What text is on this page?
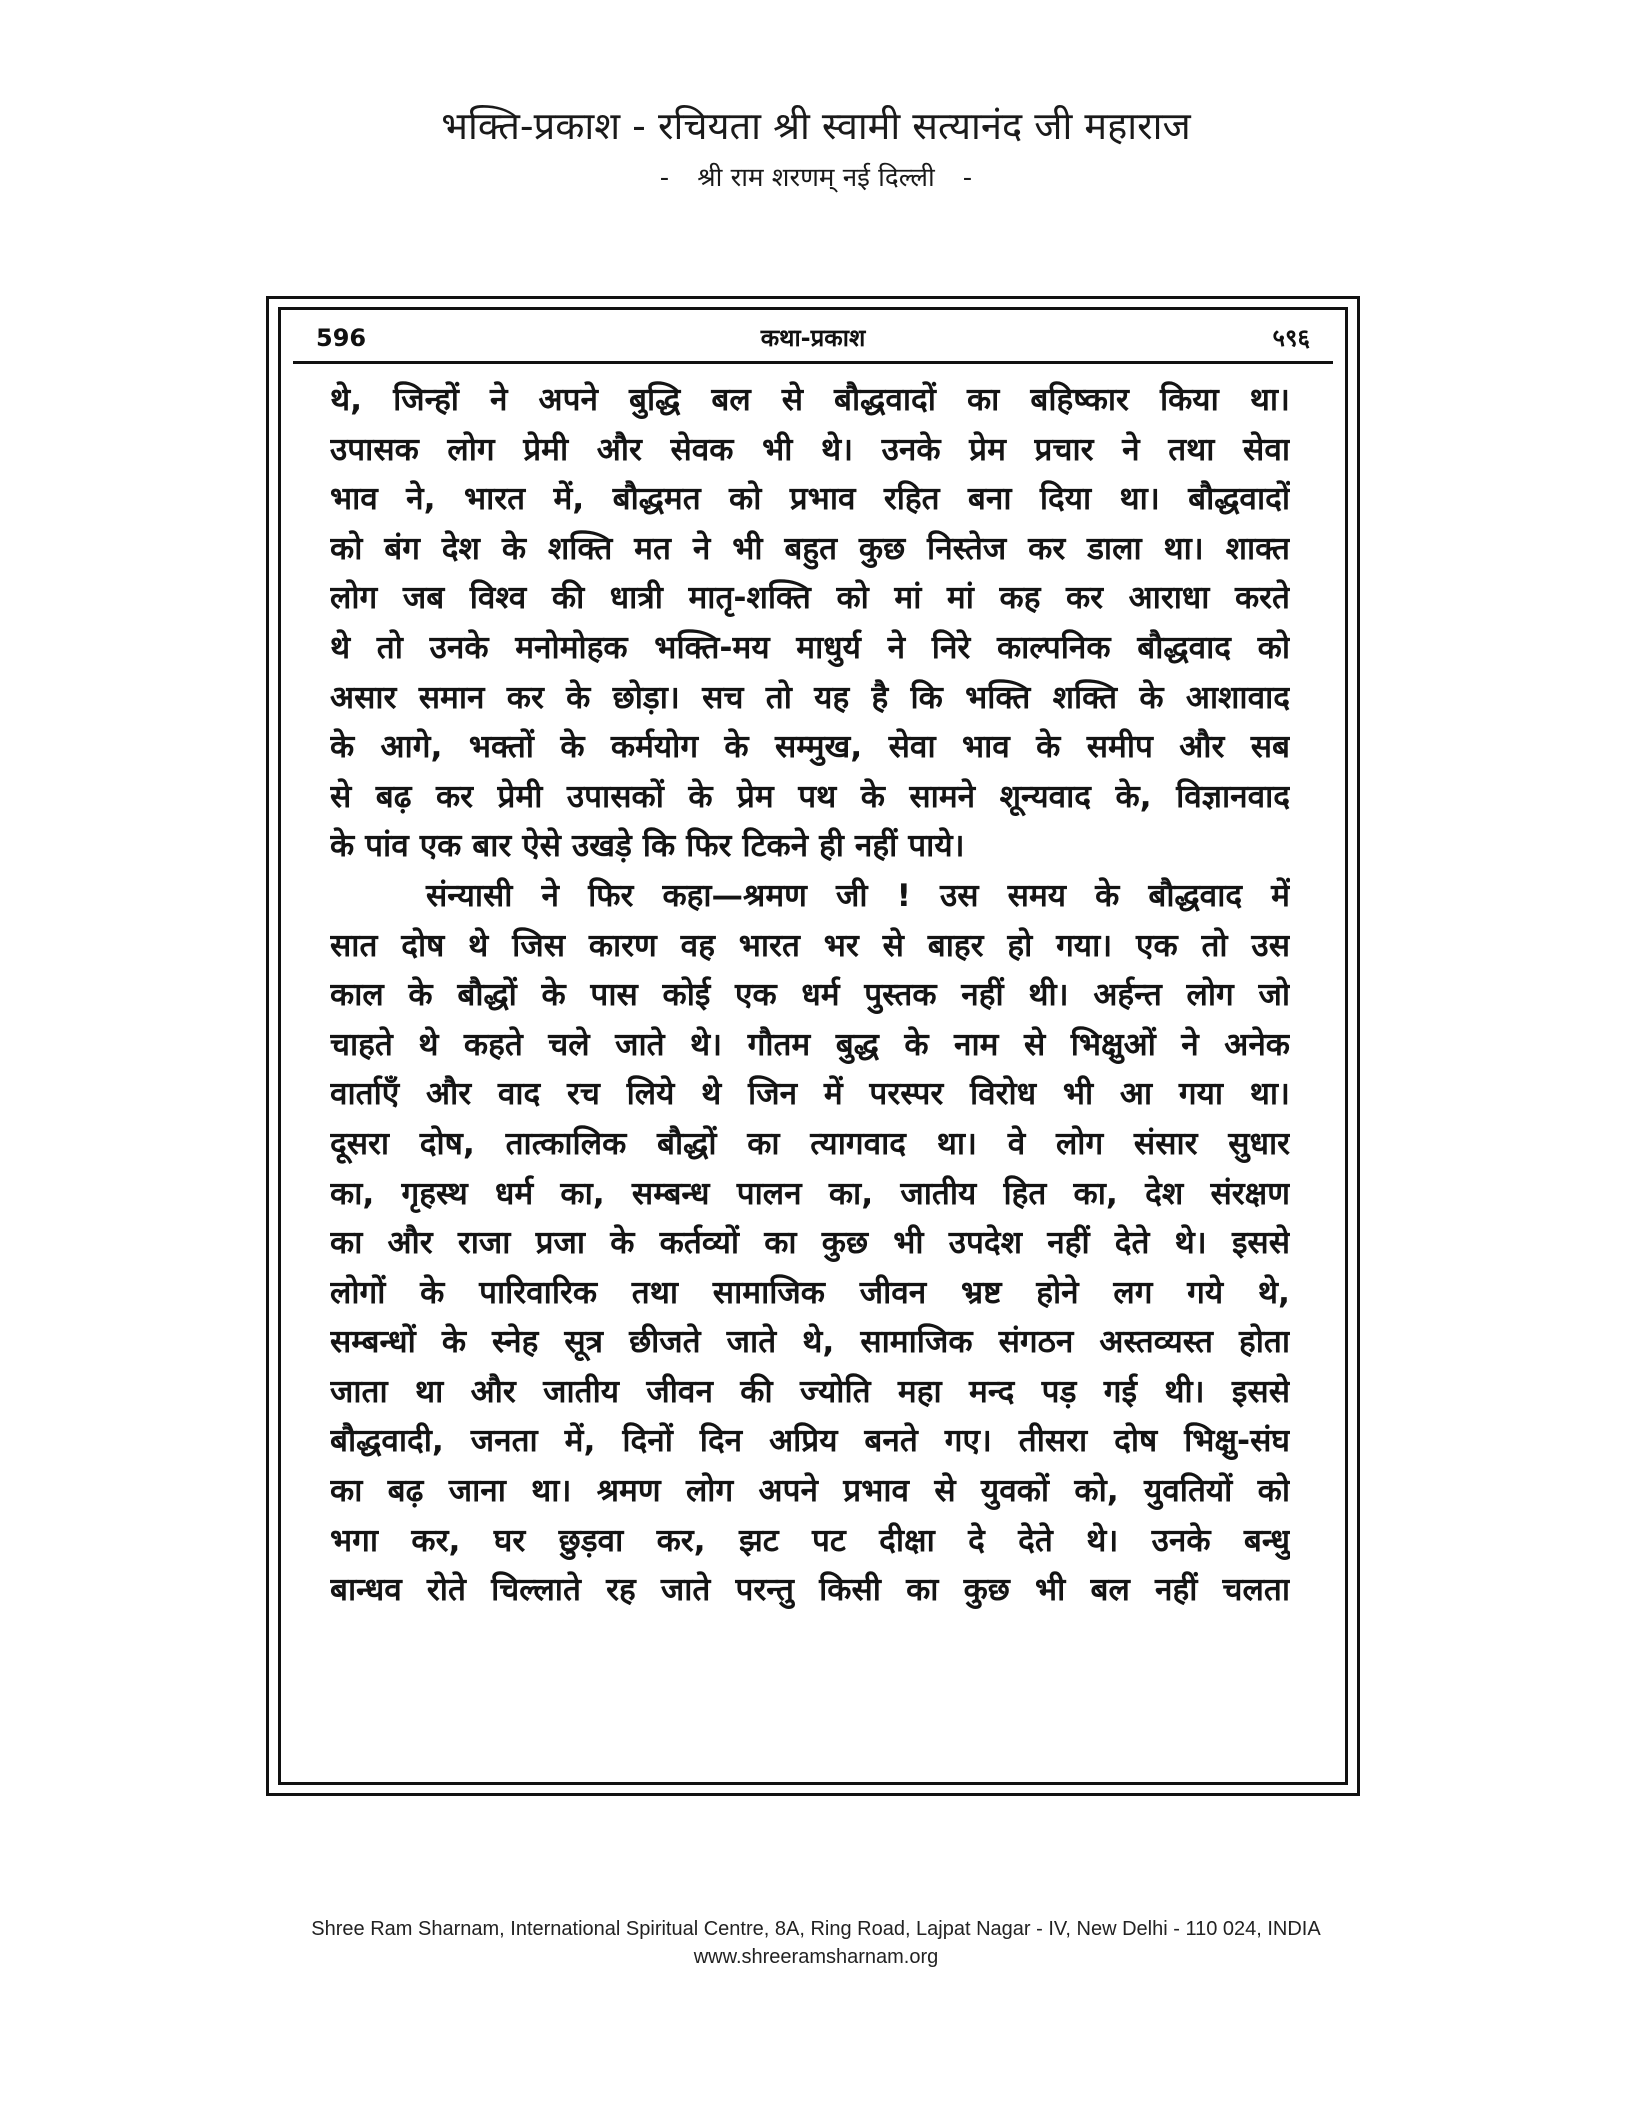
भक्ति-प्रकाश - रचियता श्री स्वामी सत्यानंद जी महाराज
- श्री राम शरणम् नई दिल्ली -
596	कथा-प्रकाश	५९६
थे, जिन्हों ने अपने बुद्धि बल से बौद्धवादों का बहिष्कार किया था।
उपासक लोग प्रेमी और सेवक भी थे। उनके प्रेम प्रचार ने तथा सेवा
भाव ने, भारत में, बौद्धमत को प्रभाव रहित बना दिया था। बौद्धवादों
को बंग देश के शक्ति मत ने भी बहुत कुछ निस्तेज कर डाला था। शाक्त
लोग जब विश्व की धात्री मातृ-शक्ति को मां मां कह कर आराधा करते
थे तो उनके मनोमोहक भक्ति-मय माधुर्य ने निरे काल्पनिक बौद्धवाद को
असार समान कर के छोड़ा। सच तो यह है कि भक्ति शक्ति के आशावाद
के आगे, भक्तों के कर्मयोग के सम्मुख, सेवा भाव के समीप और सब
से बढ़ कर प्रेमी उपासकों के प्रेम पथ के सामने शून्यवाद के, विज्ञानवाद
के पांव एक बार ऐसे उखड़े कि फिर टिकने ही नहीं पाये।
संन्यासी ने फिर कहा—श्रमण जी ! उस समय के बौद्धवाद में
सात दोष थे जिस कारण वह भारत भर से बाहर हो गया। एक तो उस
काल के बौद्धों के पास कोई एक धर्म पुस्तक नहीं थी। अर्हन्त लोग जो
चाहते थे कहते चले जाते थे। गौतम बुद्ध के नाम से भिक्षुओं ने अनेक
वार्ताएँ और वाद रच लिये थे जिन में परस्पर विरोध भी आ गया था।
दूसरा दोष, तात्कालिक बौद्धों का त्यागवाद था। वे लोग संसार सुधार
का, गृहस्थ धर्म का, सम्बन्ध पालन का, जातीय हित का, देश संरक्षण
का और राजा प्रजा के कर्तव्यों का कुछ भी उपदेश नहीं देते थे। इससे
लोगों के पारिवारिक तथा सामाजिक जीवन भ्रष्ट होने लग गये थे,
सम्बन्धों के स्नेह सूत्र छीजते जाते थे, सामाजिक संगठन अस्तव्यस्त होता
जाता था और जातीय जीवन की ज्योति महा मन्द पड़ गई थी। इससे
बौद्धवादी, जनता में, दिनों दिन अप्रिय बनते गए। तीसरा दोष भिक्षु-संघ
का बढ़ जाना था। श्रमण लोग अपने प्रभाव से युवकों को, युवतियों को
भगा कर, घर छुड़वा कर, झट पट दीक्षा दे देते थे। उनके बन्धु
बान्धव रोते चिल्लाते रह जाते परन्तु किसी का कुछ भी बल नहीं चलता
Shree Ram Sharnam, International Spiritual Centre, 8A, Ring Road, Lajpat Nagar - IV, New Delhi - 110 024, INDIA
www.shreeramsharnam.org
